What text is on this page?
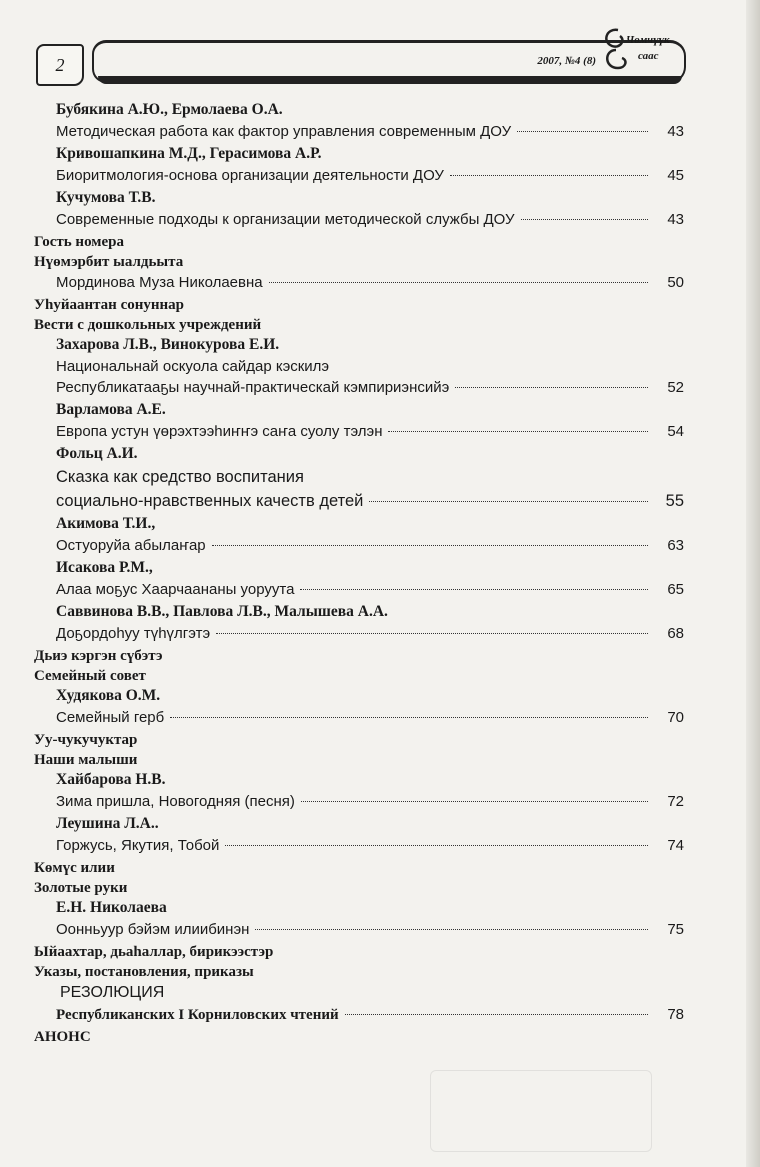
2	2007, №4 (8)
Чөмчүүк
саас
Бубякина А.Ю., Ермолаева О.А.
Методическая работа как фактор управления современным ДОУ	43
Кривошапкина М.Д., Герасимова А.Р.
Биоритмология-основа организации деятельности ДОУ	45
Кучумова Т.В.
Современные подходы к организации методической службы ДОУ	43
Гость номера
Нүөмэрбит ыалдьыта
Мординова Муза Николаевна	50
Уһуйаантан сонуннар
Вести с дошкольных учреждений
Захарова Л.В., Винокурова Е.И.
Национальнай оскуола сайдар кэскилэ
Республикатааҕы научнай-практическай кэмпириэнсийэ	52
Варламова А.Е.
Европа устун үөрэхтээһиҥҥэ саҥа суолу тэлэн	54
Фольц А.И.
Сказка как средство воспитания
социально-нравственных качеств детей	55
Акимова Т.И.,
Остуоруйа абылаҥар	63
Исакова Р.М.,
Алаа моҕус Хаарчаананы уоруута	65
Саввинова В.В., Павлова Л.В., Малышева А.А.
Доҕордоһуу түһүлгэтэ	68
Дьиэ кэргэн сүбэтэ
Семейный совет
Худякова О.М.
Семейный герб	70
Уу-чукучуктар
Наши малыши
Хайбарова Н.В.
Зима пришла, Новогодняя (песня)	72
Леушина Л.А..
Горжусь, Якутия, Тобой	74
Көмүс илии
Золотые руки
Е.Н. Николаева
Оонньуур бэйэм илиибинэн	75
Ыйаахтар, дьаһаллар, бирикээстэр
Указы, постановления, приказы
РЕЗОЛЮЦИЯ
Республиканских I Корниловских чтений	78
АНОНС
